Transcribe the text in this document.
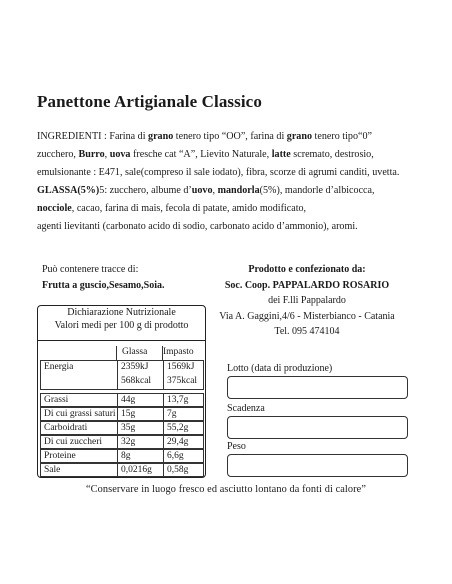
Panettone Artigianale Classico
INGREDIENTI : Farina di grano tenero tipo “OO”, farina di grano tenero tipo“0”
zucchero, Burro, uova fresche cat “A”, Lievito Naturale, latte scremato, destrosio,
emulsionante : E471, sale(compreso il sale iodato), fibra, scorze di agrumi canditi, uvetta.
GLASSA(5%)5: zucchero, albume d’uovo, mandorla(5%), mandorle d’albicocca,
nocciole, cacao, farina di mais, fecola di patate, amido modificato,
agenti lievitanti (carbonato acido di sodio, carbonato acido d’ammonio), aromi.
Può contenere tracce di:
Frutta a guscio,Sesamo,Soia.
Prodotto e confezionato da:
Soc. Coop. PAPPALARDO ROSARIO
dei F.lli Pappalardo
Via A. Gaggini,4/6 - Misterbianco - Catania
Tel. 095 474104
Dichiarazione Nutrizionale
Valori medi per 100 g di prodotto
Glassa Impasto
Energia	2359kJ 1569kJ
568kcal 375kcal
Grassi	44g	13,7g
Di cui grassi saturi 15g	7g
Carboidrati	35g	55,2g
Di cui zuccheri 32g	29,4g
Proteine	8g	6,6g
Sale	0,0216g 0,58g
Lotto (data di produzione)
Scadenza
Peso
“Conservare in luogo fresco ed asciutto lontano da fonti di calore”
